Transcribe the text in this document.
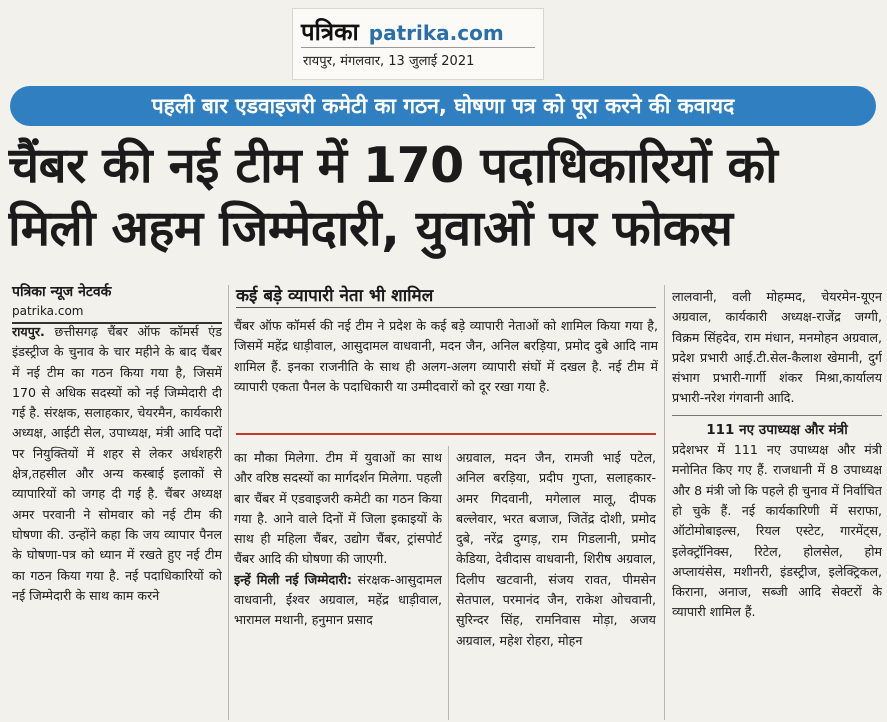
पत्रिका patrika.com
रायपुर, मंगलवार, 13 जुलाई 2021
पहली बार एडवाइजरी कमेटी का गठन, घोषणा पत्र को पूरा करने की कवायद
चैंबर की नई टीम में 170 पदाधिकारियों को
मिली अहम जिम्मेदारी, युवाओं पर फोकस
पत्रिका न्यूज नेटवर्क
patrika.com

रायपुर. छत्तीसगढ़ चैंबर ऑफ कॉमर्स एंड इंडस्ट्रीज के चुनाव के चार महीने के बाद चैंबर में नई टीम का गठन किया गया है, जिसमें 170 से अधिक सदस्यों को नई जिम्मेदारी दी गई है. संरक्षक, सलाहकार, चेयरमैन, कार्यकारी अध्यक्ष, आईटी सेल, उपाध्यक्ष, मंत्री आदि पदों पर नियुक्तियों में शहर से लेकर अर्धशहरी क्षेत्र,तहसील और अन्य कस्बाई इलाकों से व्यापारियों को जगह दी गई है. चैंबर अध्यक्ष अमर परवानी ने सोमवार को नई टीम की घोषणा की. उन्होंने कहा कि जय व्यापार पैनल के घोषणा-पत्र को ध्यान में रखते हुए नई टीम का गठन किया गया है. नई पदाधिकारियों को नई जिम्मेदारी के साथ काम करने

कई बड़े व्यापारी नेता भी शामिल
चैंबर ऑफ कॉमर्स की नई टीम ने प्रदेश के कई बड़े व्यापारी नेताओं को शामिल किया गया है, जिसमें महेंद्र धाड़ीवाल, आसुदामल वाधवानी, मदन जैन, अनिल बरड़िया, प्रमोद दुबे आदि नाम शामिल हैं. इनका राजनीति के साथ ही अलग-अलग व्यापारी संघों में दखल है. नई टीम में व्यापारी एकता पैनल के पदाधिकारी या उम्मीदवारों को दूर रखा गया है.

का मौका मिलेगा. टीम में युवाओं का साथ और वरिष्ठ सदस्यों का मार्गदर्शन मिलेगा. पहली बार चैंबर में एडवाइजरी कमेटी का गठन किया गया है. आने वाले दिनों में जिला इकाइयों के साथ ही महिला चैंबर, उद्योग चैंबर, ट्रांसपोर्ट चैंबर आदि की घोषणा की जाएगी.

इन्हें मिली नई जिम्मेदारी: संरक्षक-आसुदामल वाधवानी, ईश्वर अग्रवाल, महेंद्र धाड़ीवाल, भारामल मथानी, हनुमान प्रसाद

अग्रवाल, मदन जैन, रामजी भाई पटेल, अनिल बरड़िया, प्रदीप गुप्ता, सलाहकार-अमर गिदवानी, मगेलाल मालू, दीपक बल्लेवार, भरत बजाज, जितेंद्र दोशी, प्रमोद दुबे, नरेंद्र दुग्गड़, राम गिडलानी, प्रमोद केडिया, देवीदास वाधवानी, शिरीष अग्रवाल, दिलीप खटवानी, संजय रावत, पीमसेन सेतपाल, परमानंद जैन, राकेश ओचवानी, सुरिन्दर सिंह, रामनिवास मोड़ा, अजय अग्रवाल, महेश रोहरा, मोहन

लालवानी, वली मोहम्मद, चेयरमेन-यूएन अग्रवाल, कार्यकारी अध्यक्ष-राजेंद्र जग्गी, विक्रम सिंहदेव, राम मंधान, मनमोहन अग्रवाल, प्रदेश प्रभारी आई.टी.सेल-कैलाश खेमानी, दुर्ग संभाग प्रभारी-गार्गी शंकर मिश्रा,कार्यालय प्रभारी-नरेश गंगवानी आदि.

111 नए उपाध्यक्ष और मंत्री

प्रदेशभर में 111 नए उपाध्यक्ष और मंत्री मनोनित किए गए हैं. राजधानी में 8 उपाध्यक्ष और 8 मंत्री जो कि पहले ही चुनाव में निर्वाचित हो चुके हैं. नई कार्यकारिणी में सराफा, ऑटोमोबाइल्स, रियल एस्टेट, गारमेंट्स, इलेक्ट्रॉनिक्स, रिटेल, होलसेल, होम अप्लायंसेस, मशीनरी, इंडस्ट्रीज, इलेक्ट्रिकल, किराना, अनाज, सब्जी आदि सेक्टरों के व्यापारी शामिल हैं.
